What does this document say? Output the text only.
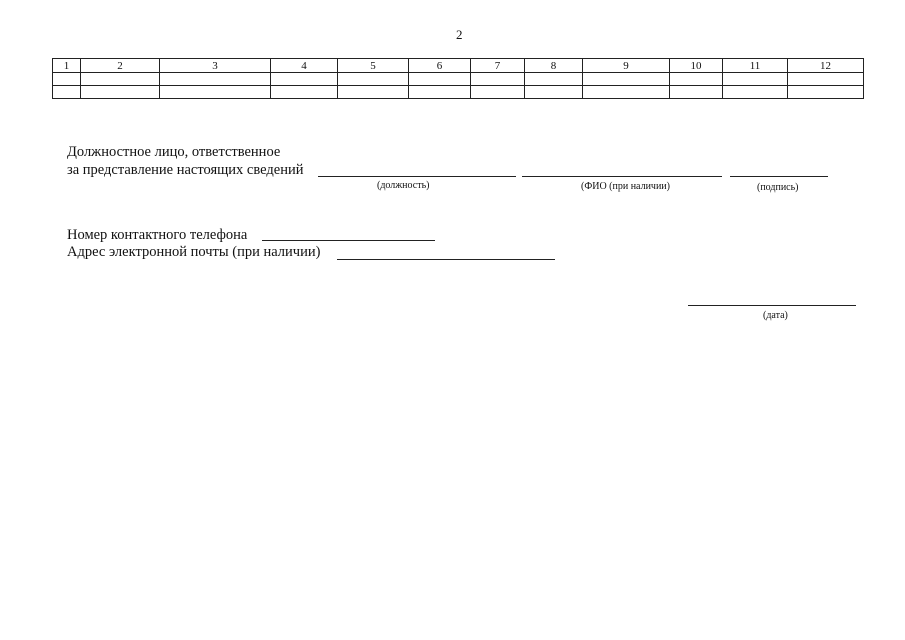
2
1	2	3	4	5	6	7	8	9	10	11	12

Должностное лицо, ответственное
за представление настоящих сведений
(должность)	(ФИО (при наличии)	(подпись)
Номер контактного телефона
Адрес электронной почты (при наличии)
(дата)
